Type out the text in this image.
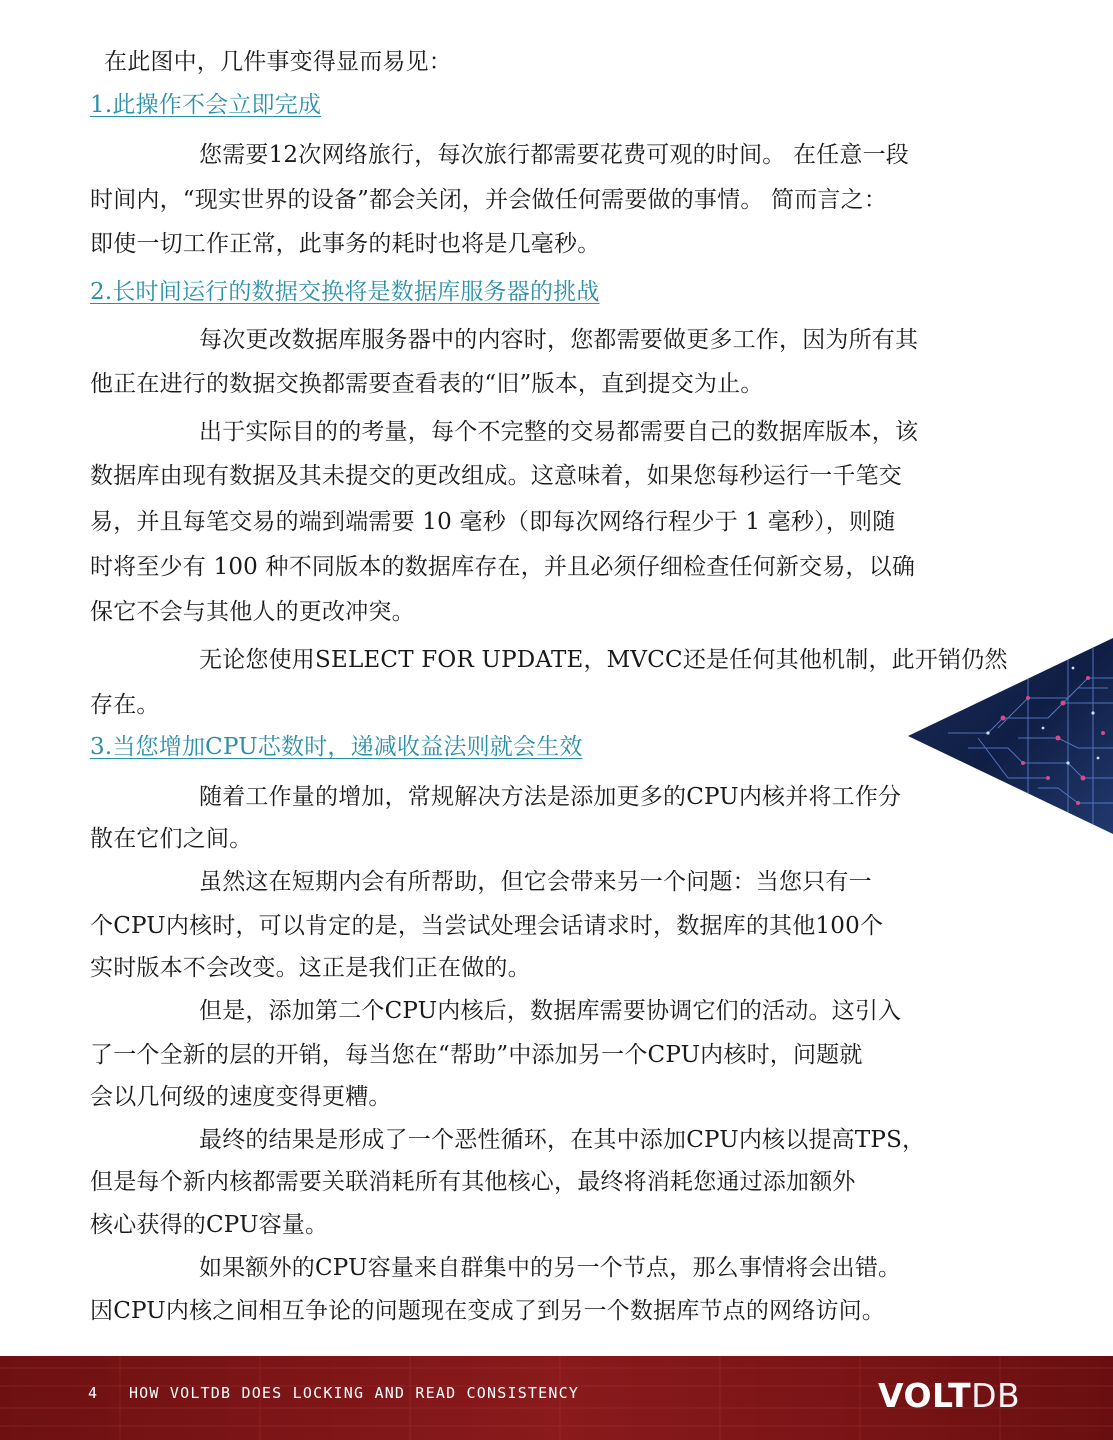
在此图中，几件事变得显而易见：
1.此操作不会立即完成
您需要12次网络旅行，每次旅行都需要花费可观的时间。 在任意一段
时间内，“现实世界的设备”都会关闭，并会做任何需要做的事情。 简而言之：
即使一切工作正常，此事务的耗时也将是几毫秒。
2.长时间运行的数据交换将是数据库服务器的挑战
每次更改数据库服务器中的内容时，您都需要做更多工作，因为所有其
他正在进行的数据交换都需要查看表的“旧”版本，直到提交为止。
出于实际目的的考量，每个不完整的交易都需要自己的数据库版本，该
数据库由现有数据及其未提交的更改组成。这意味着，如果您每秒运行一千笔交
易，并且每笔交易的端到端需要 10 毫秒（即每次网络行程少于 1 毫秒），则随
时将至少有 100 种不同版本的数据库存在，并且必须仔细检查任何新交易，以确
保它不会与其他人的更改冲突。
无论您使用SELECT FOR UPDATE，MVCC还是任何其他机制，此开销仍然
存在。
3.当您增加CPU芯数时，递减收益法则就会生效
随着工作量的增加，常规解决方法是添加更多的CPU内核并将工作分
散在它们之间。
虽然这在短期内会有所帮助，但它会带来另一个问题：当您只有一
个CPU内核时，可以肯定的是，当尝试处理会话请求时，数据库的其他100个
实时版本不会改变。这正是我们正在做的。
但是，添加第二个CPU内核后，数据库需要协调它们的活动。这引入
了一个全新的层的开销，每当您在“帮助”中添加另一个CPU内核时，问题就
会以几何级的速度变得更糟。
最终的结果是形成了一个恶性循环，在其中添加CPU内核以提高TPS，
但是每个新内核都需要关联消耗所有其他核心，最终将消耗您通过添加额外
核心获得的CPU容量。
如果额外的CPU容量来自群集中的另一个节点，那么事情将会出错。
因CPU内核之间相互争论的问题现在变成了到另一个数据库节点的网络访问。
4 HOW VOLTDB DOES LOCKING AND READ CONSISTENCY	VOLTDB
